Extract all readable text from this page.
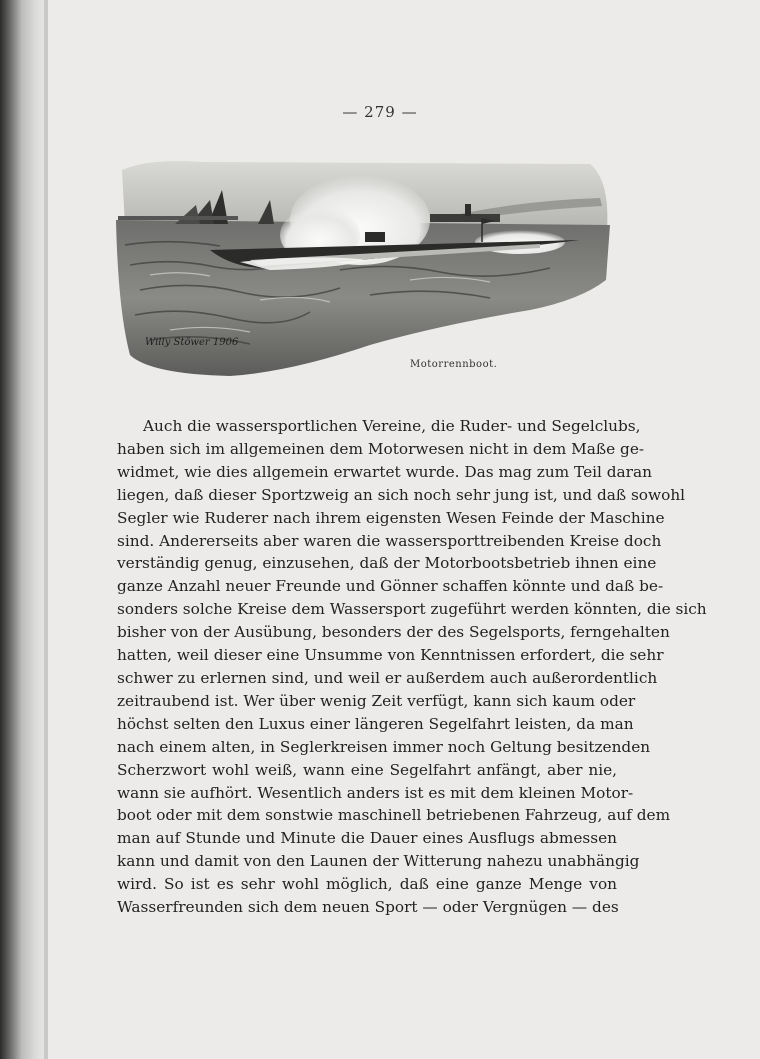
— 279 —
Willy Stöwer 1906
Motorrennboot.
Auch die wassersportlichen Vereine, die Ruder- und Segelclubs,
haben sich im allgemeinen dem Motorwesen nicht in dem Maße ge-
widmet, wie dies allgemein erwartet wurde. Das mag zum Teil daran
liegen, daß dieser Sportzweig an sich noch sehr jung ist, und daß sowohl
Segler wie Ruderer nach ihrem eigensten Wesen Feinde der Maschine
sind. Andererseits aber waren die wassersporttreibenden Kreise doch
verständig genug, einzusehen, daß der Motorbootsbetrieb ihnen eine
ganze Anzahl neuer Freunde und Gönner schaffen könnte und daß be-
sonders solche Kreise dem Wassersport zugeführt werden könnten, die sich
bisher von der Ausübung, besonders der des Segelsports, ferngehalten
hatten, weil dieser eine Unsumme von Kenntnissen erfordert, die sehr
schwer zu erlernen sind, und weil er außerdem auch außerordentlich
zeitraubend ist. Wer über wenig Zeit verfügt, kann sich kaum oder
höchst selten den Luxus einer längeren Segelfahrt leisten, da man
nach einem alten, in Seglerkreisen immer noch Geltung besitzenden
Scherzwort wohl weiß, wann eine Segelfahrt anfängt, aber nie,
wann sie aufhört. Wesentlich anders ist es mit dem kleinen Motor-
boot oder mit dem sonstwie maschinell betriebenen Fahrzeug, auf dem
man auf Stunde und Minute die Dauer eines Ausflugs abmessen
kann und damit von den Launen der Witterung nahezu unabhängig
wird. So ist es sehr wohl möglich, daß eine ganze Menge von
Wasserfreunden sich dem neuen Sport — oder Vergnügen — des
